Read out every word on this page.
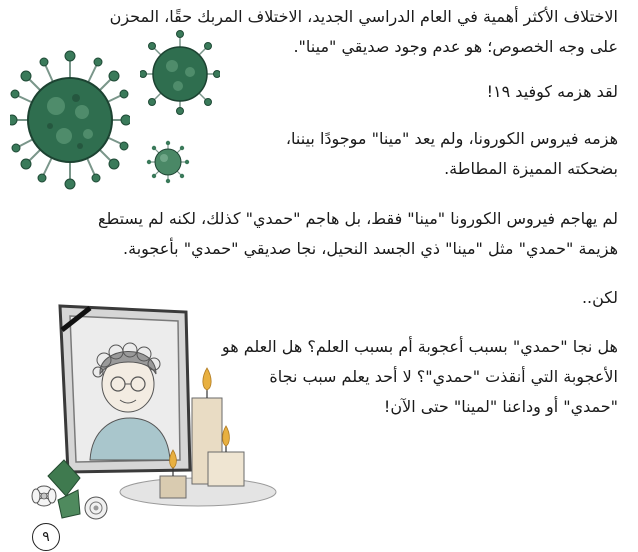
الاختلاف الأكثر أهمية في العام الدراسي الجديد، الاختلاف المربك حقًا، المحزن
على وجه الخصوص؛ هو عدم وجود صديقي "مينا".
لقد هزمه كوفيد ١٩!
هزمه فيروس الكورونا، ولم يعد "مينا" موجودًا بيننا،
بضحكته المميزة المطاطة.
لم يهاجم فيروس الكورونا "مينا" فقط، بل هاجم "حمدي" كذلك، لكنه لم يستطع
هزيمة "حمدي" مثل "مينا" ذي الجسد النحيل، نجا صديقي "حمدي" بأعجوبة.
لكن..
هل نجا "حمدي" بسبب أعجوبة أم بسبب العلم؟ هل العلم هو
الأعجوبة التي أنقذت "حمدي"؟ لا أحد يعلم سبب نجاة
"حمدي" أو وداعنا "لمينا" حتى الآن!
٩
